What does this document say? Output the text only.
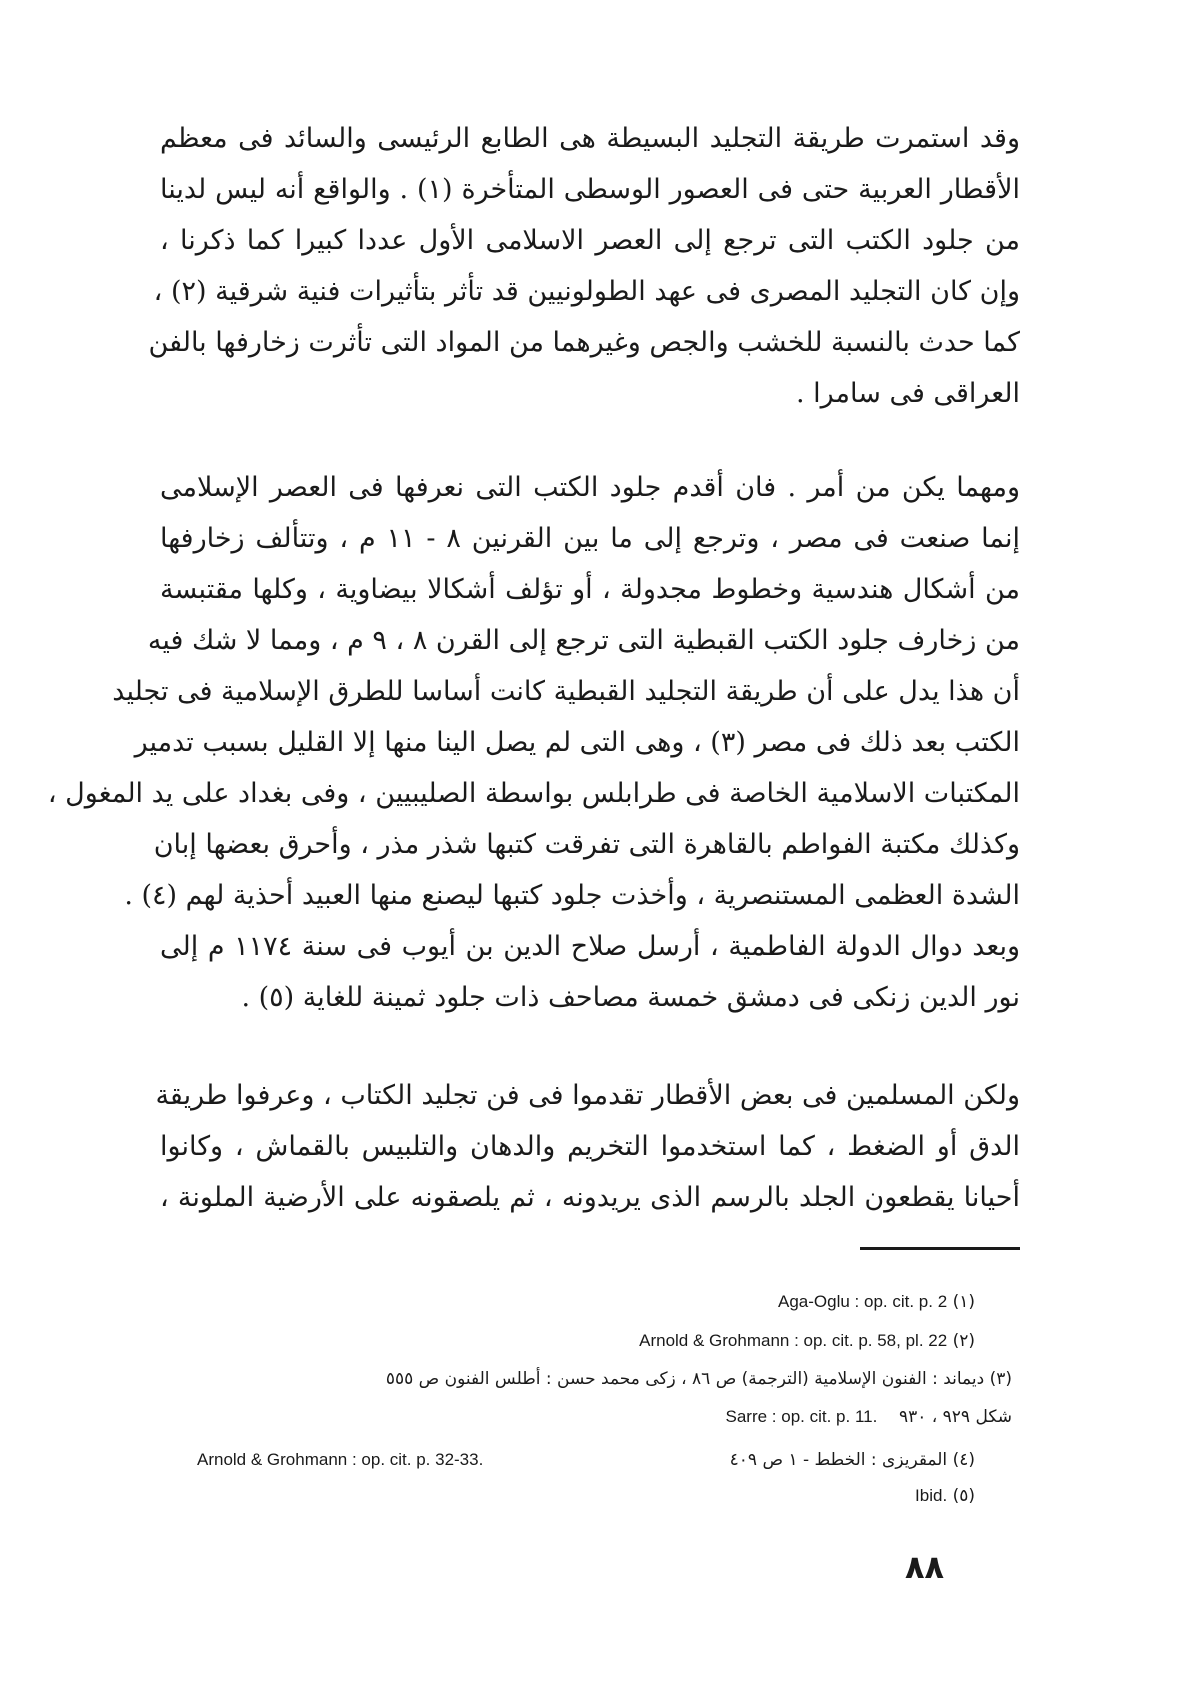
وقد استمرت طريقة التجليد البسيطة هى الطابع الرئيسى والسائد فى معظم
الأقطار العربية حتى فى العصور الوسطى المتأخرة (١) . والواقع أنه ليس لدينا
من جلود الكتب التى ترجع إلى العصر الاسلامى الأول عددا كبيرا كما ذكرنا ،
وإن كان التجليد المصرى فى عهد الطولونيين قد تأثر بتأثيرات فنية شرقية (٢) ،
كما حدث بالنسبة للخشب والجص وغيرهما من المواد التى تأثرت زخارفها بالفن
العراقى فى سامرا .
ومهما يكن من أمر . فان أقدم جلود الكتب التى نعرفها فى العصر الإسلامى
إنما صنعت فى مصر ، وترجع إلى ما بين القرنين ٨ - ١١ م ، وتتألف زخارفها
من أشكال هندسية وخطوط مجدولة ، أو تؤلف أشكالا بيضاوية ، وكلها مقتبسة
من زخارف جلود الكتب القبطية التى ترجع إلى القرن ٨ ، ٩ م ، ومما لا شك فيه
أن هذا يدل على أن طريقة التجليد القبطية كانت أساسا للطرق الإسلامية فى تجليد
الكتب بعد ذلك فى مصر (٣) ، وهى التى لم يصل الينا منها إلا القليل بسبب تدمير
المكتبات الاسلامية الخاصة فى طرابلس بواسطة الصليبيين ، وفى بغداد على يد المغول ،
وكذلك مكتبة الفواطم بالقاهرة التى تفرقت كتبها شذر مذر ، وأحرق بعضها إبان
الشدة العظمى المستنصرية ، وأخذت جلود كتبها ليصنع منها العبيد أحذية لهم (٤) .
وبعد دوال الدولة الفاطمية ، أرسل صلاح الدين بن أيوب فى سنة ١١٧٤ م إلى
نور الدين زنكى فى دمشق خمسة مصاحف ذات جلود ثمينة للغاية (٥) .
ولكن المسلمين فى بعض الأقطار تقدموا فى فن تجليد الكتاب ، وعرفوا طريقة
الدق أو الضغط ، كما استخدموا التخريم والدهان والتلبيس بالقماش ، وكانوا
أحيانا يقطعون الجلد بالرسم الذى يريدونه ، ثم يلصقونه على الأرضية الملونة ،
Aga-Oglu : op. cit. p. 2 (١)
Arnold & Grohmann : op. cit. p. 58, pl. 22 (٢)
(٣) ديماند : الفنون الإسلامية (الترجمة) ص ٨٦ ، زكى محمد حسن : أطلس الفنون ص ٥٥٥
Sarre : op. cit. p. 11. شكل ٩٢٩ ، ٩٣٠
(٤) المقريزى : الخطط - ١ ص ٤٠٩
Arnold & Grohmann : op. cit. p. 32-33.
Ibid. (٥)
٨٨
